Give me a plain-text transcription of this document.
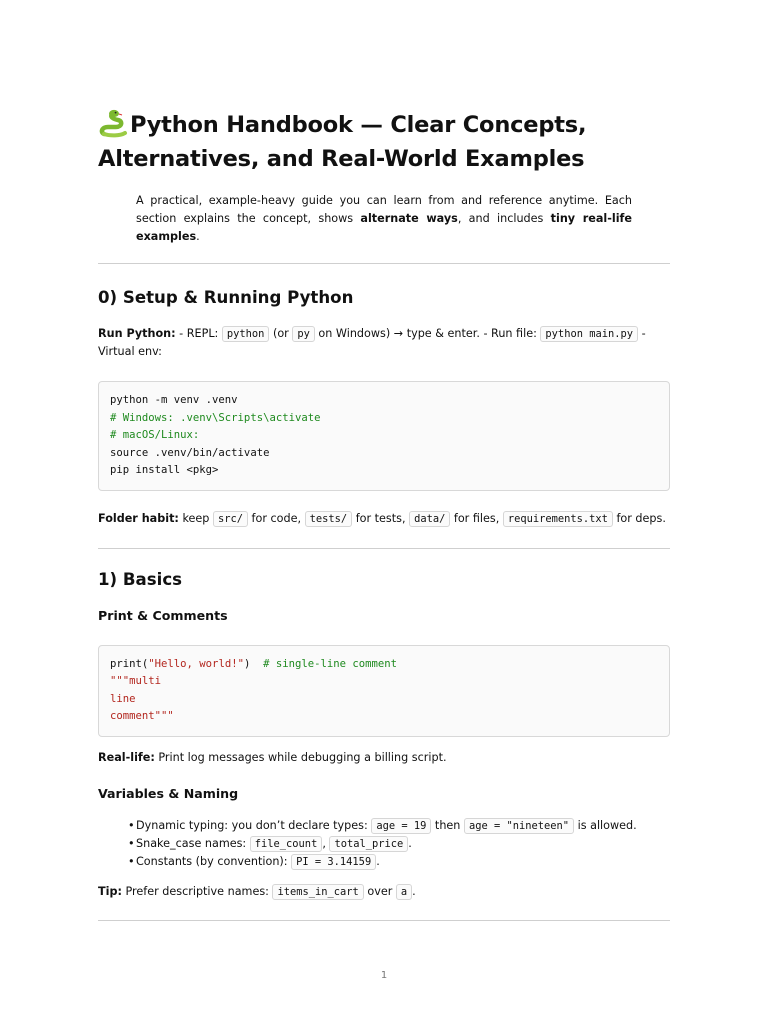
Python Handbook — Clear Concepts,
Alternatives, and Real-World Examples

A practical, example-heavy guide you can learn from and reference anytime. Each section explains the concept, shows alternate ways, and includes tiny real-life examples.

0) Setup & Running Python

Run Python: - REPL: python (or py on Windows) → type & enter. - Run file: python main.py - Virtual env:

python -m venv .venv
# Windows: .venv\Scripts\activate
# macOS/Linux:
source .venv/bin/activate
pip install <pkg>

Folder habit: keep src/ for code, tests/ for tests, data/ for files, requirements.txt for deps.

1) Basics
Print & Comments
print("Hello, world!")  # single-line comment
"""multi
line
comment"""

Real-life: Print log messages while debugging a billing script.

Variables & Naming
•Dynamic typing: you don’t declare types: age = 19 then age = "nineteen" is allowed.
•Snake_case names: file_count , total_price .
•Constants (by convention): PI = 3.14159 .

Tip: Prefer descriptive names: items_in_cart over a .

1
